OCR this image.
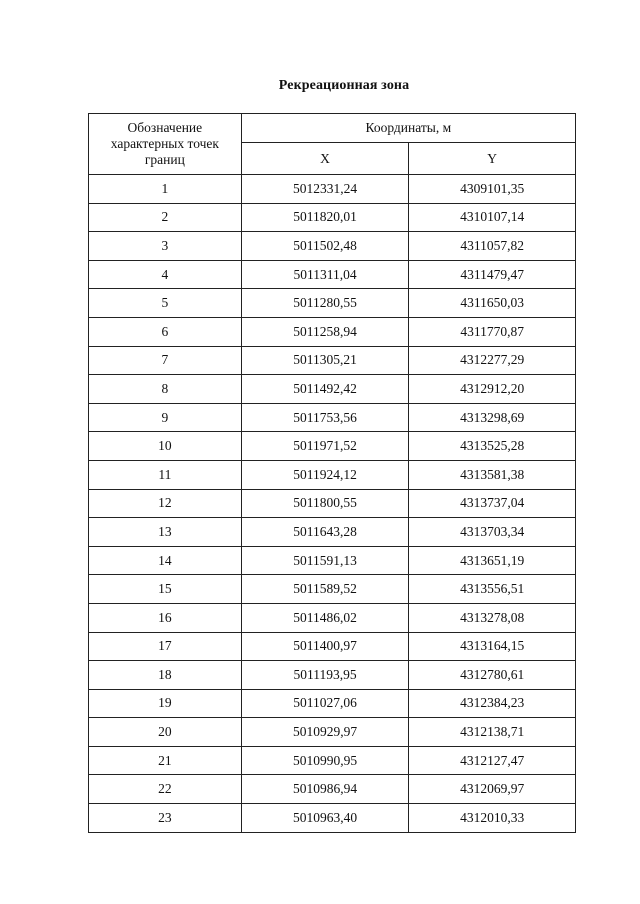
Рекреационная зона
Обозначение
характерных точек
границ	Координаты, м	
	X	Y
1	5012331,24	4309101,35
2	5011820,01	4310107,14
3	5011502,48	4311057,82
4	5011311,04	4311479,47
5	5011280,55	4311650,03
6	5011258,94	4311770,87
7	5011305,21	4312277,29
8	5011492,42	4312912,20
9	5011753,56	4313298,69
10	5011971,52	4313525,28
11	5011924,12	4313581,38
12	5011800,55	4313737,04
13	5011643,28	4313703,34
14	5011591,13	4313651,19
15	5011589,52	4313556,51
16	5011486,02	4313278,08
17	5011400,97	4313164,15
18	5011193,95	4312780,61
19	5011027,06	4312384,23
20	5010929,97	4312138,71
21	5010990,95	4312127,47
22	5010986,94	4312069,97
23	5010963,40	4312010,33
